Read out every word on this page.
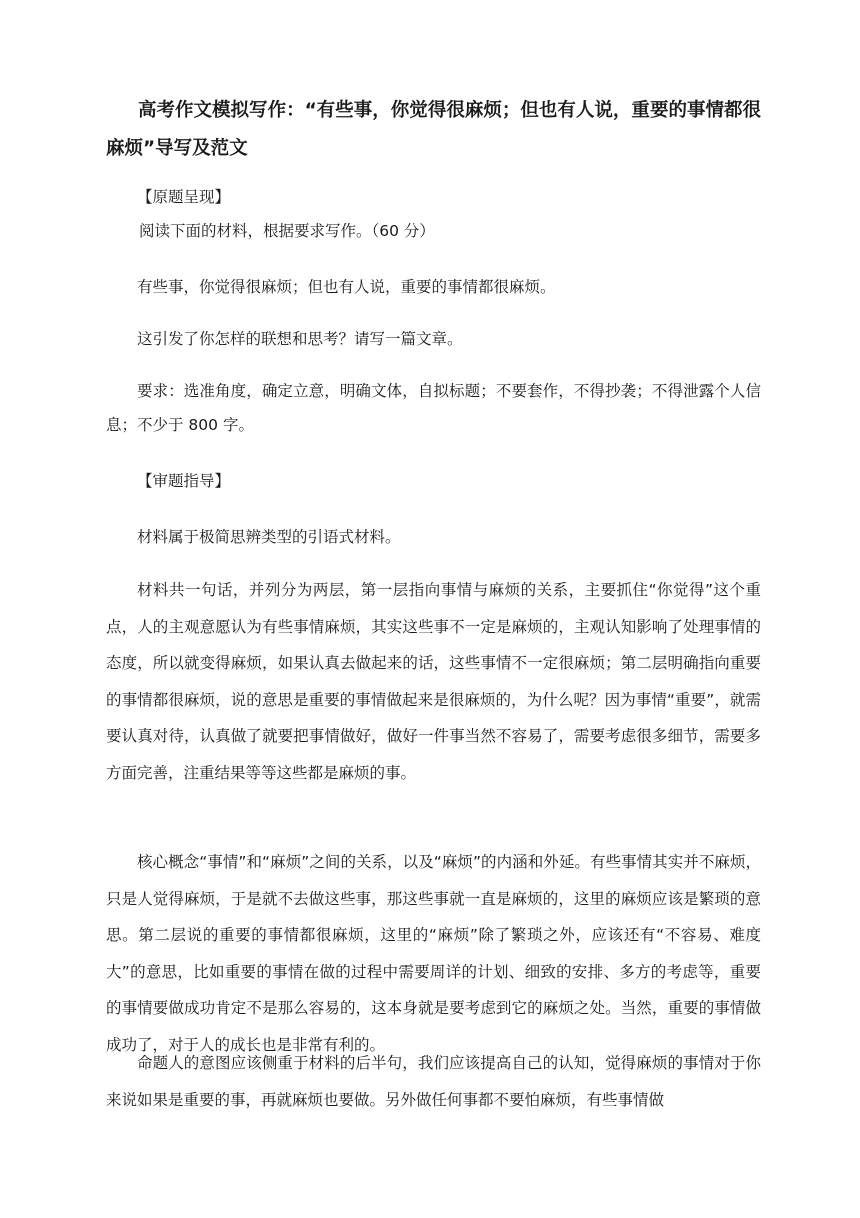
高考作文模拟写作：“有些事，你觉得很麻烦；但也有人说，重要的事情都很麻烦”导写及范文

【原题呈现】

阅读下面的材料，根据要求写作。（60 分）

有些事，你觉得很麻烦；但也有人说，重要的事情都很麻烦。

这引发了你怎样的联想和思考？请写一篇文章。

要求：选准角度，确定立意，明确文体，自拟标题；不要套作，不得抄袭；不得泄露个人信息；不少于 800 字。

【审题指导】

材料属于极简思辨类型的引语式材料。

材料共一句话，并列分为两层，第一层指向事情与麻烦的关系，主要抓住“你觉得”这个重点，人的主观意愿认为有些事情麻烦，其实这些事不一定是麻烦的，主观认知影响了处理事情的态度，所以就变得麻烦，如果认真去做起来的话，这些事情不一定很麻烦；第二层明确指向重要的事情都很麻烦，说的意思是重要的事情做起来是很麻烦的，为什么呢？因为事情“重要”，就需要认真对待，认真做了就要把事情做好，做好一件事当然不容易了，需要考虑很多细节，需要多方面完善，注重结果等等这些都是麻烦的事。

核心概念“事情”和“麻烦”之间的关系，以及“麻烦”的内涵和外延。有些事情其实并不麻烦，只是人觉得麻烦，于是就不去做这些事，那这些事就一直是麻烦的，这里的麻烦应该是繁琐的意思。第二层说的重要的事情都很麻烦，这里的“麻烦”除了繁琐之外，应该还有“不容易、难度大”的意思，比如重要的事情在做的过程中需要周详的计划、细致的安排、多方的考虑等，重要的事情要做成功肯定不是那么容易的，这本身就是要考虑到它的麻烦之处。当然，重要的事情做成功了，对于人的成长也是非常有利的。

命题人的意图应该侧重于材料的后半句，我们应该提高自己的认知，觉得麻烦的事情对于你来说如果是重要的事，再就麻烦也要做。另外做任何事都不要怕麻烦，有些事情做
